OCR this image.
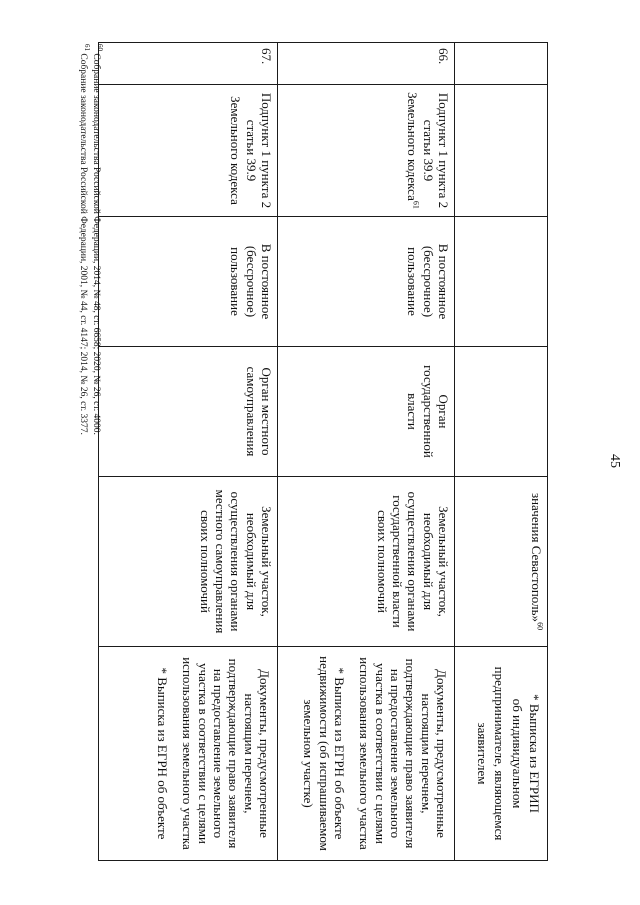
45
				значения Севастополь»$^{60}$	* Выписка из ЕГРИП
об индивидуальном
предпринимателе, являющемся
заявителем

66.	Подпункт 1 пункта 2 статьи 39.9 Земельного кодекса$^{61}$	В постоянное (бессрочное) пользование	Орган государственной власти	Земельный участок, необходимый для осуществления органами государственной власти своих полномочий	Документы, предусмотренные настоящим перечнем, подтверждающие право заявителя на предоставление земельного участка в соответствии с целями использования земельного участка
* Выписка из ЕГРН об объекте недвижимости (об испрашиваемом земельном участке)

67.	Подпункт 1 пункта 2 статьи 39.9 Земельного кодекса	В постоянное (бессрочное) пользование	Орган местного самоуправления	Земельный участок, необходимый для осуществления органами местного самоуправления своих полномочий	Документы, предусмотренные настоящим перечнем, подтверждающие право заявителя на предоставление земельного участка в соответствии с целями использования земельного участка
* Выписка из ЕГРН об объекте
$^{60}$ Собрание законодательства Российской Федерации, 2014, № 48, ст. 6658; 2020, № 26, ст. 4000.
$^{61}$ Собрание законодательства Российской Федерации, 2001, № 44, ст. 4147; 2014, № 26, ст. 3377.
